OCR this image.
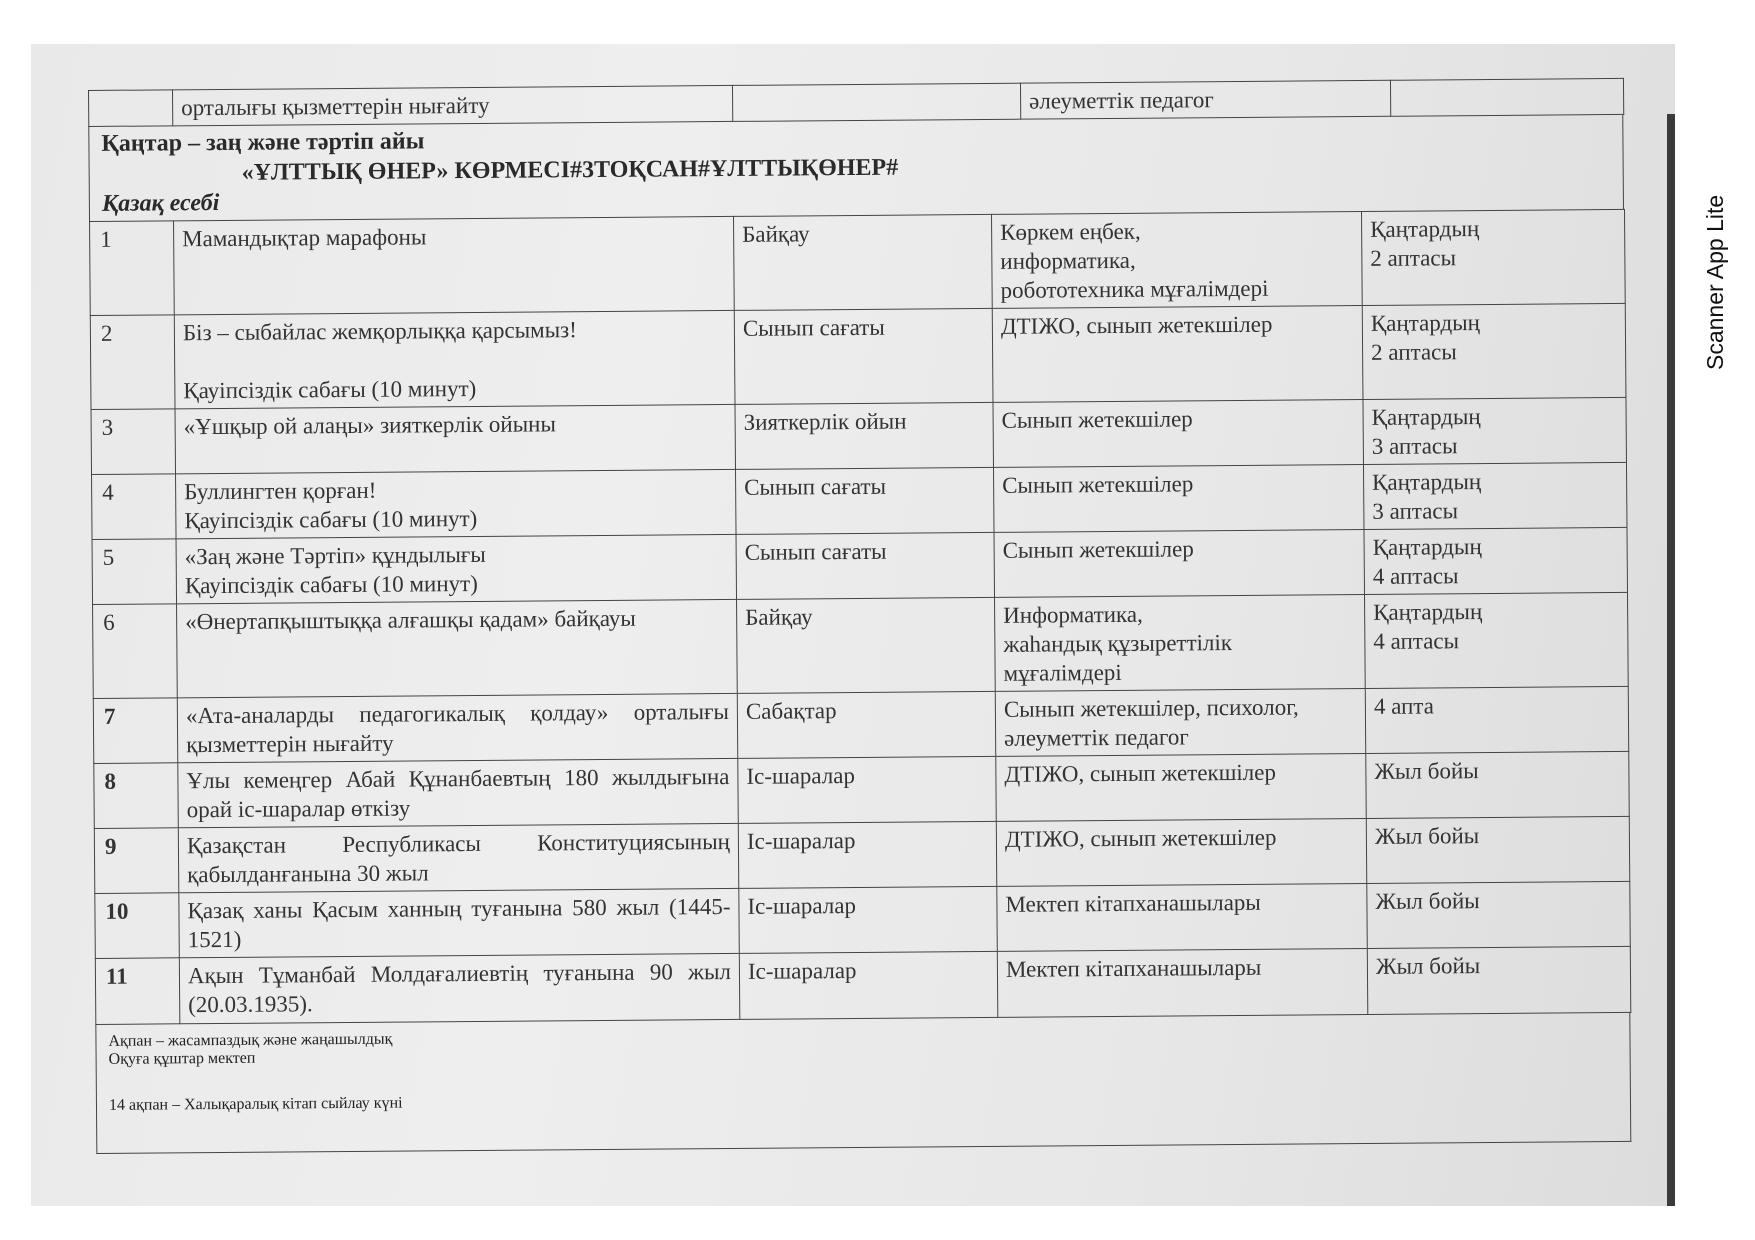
	орталығы қызметтерін нығайту		әлеуметтік педагог	
Қаңтар – заң және тәртіп айы
«ҰЛТТЫҚ ӨНЕР» КӨРМЕСІ#3ТОҚСАН#ҰЛТТЫҚӨНЕР#
Қазақ есебі
1	Мамандықтар марафоны	Байқау	Көркем еңбек,
информатика,
робототехника мұғалімдері	Қаңтардың
2 аптасы
2	Біз – сыбайлас жемқорлыққа қарсымыз!

Қауіпсіздік сабағы (10 минут)	Сынып сағаты	ДТІЖО, сынып жетекшілер	Қаңтардың
2 аптасы
3	«Ұшқыр ой алаңы» зияткерлік ойыны	Зияткерлік ойын	Сынып жетекшілер	Қаңтардың
3 аптасы
4	Буллингтен қорған!
Қауіпсіздік сабағы (10 минут)	Сынып сағаты	Сынып жетекшілер	Қаңтардың
3 аптасы
5	«Заң және Тәртіп» құндылығы
Қауіпсіздік сабағы (10 минут)	Сынып сағаты	Сынып жетекшілер	Қаңтардың
4 аптасы
6	«Өнертапқыштыққа алғашқы қадам» байқауы	Байқау	Информатика,
жаһандық құзыреттілік
мұғалімдері	Қаңтардың
4 аптасы
7	«Ата-аналарды педагогикалық қолдау» орталығы қызметтерін нығайту	Сабақтар	Сынып жетекшілер, психолог, әлеуметтік педагог	4 апта
8	Ұлы кемеңгер Абай Құнанбаевтың 180 жылдығына орай іс-шаралар өткізу	Іс-шаралар	ДТІЖО, сынып жетекшілер	Жыл бойы
9	Қазақстан Республикасы Конституциясының қабылданғанына 30 жыл	Іс-шаралар	ДТІЖО, сынып жетекшілер	Жыл бойы
10	Қазақ ханы Қасым ханның туғанына 580 жыл (1445-1521)	Іс-шаралар	Мектеп кітапханашылары	Жыл бойы
11	Ақын Тұманбай Молдағалиевтің туғанына 90 жыл (20.03.1935).	Іс-шаралар	Мектеп кітапханашылары	Жыл бойы
Ақпан – жасампаздық және жаңашылдық
Оқуға құштар мектеп
14 ақпан – Халықаралық кітап сыйлау күні
Scanner App Lite
